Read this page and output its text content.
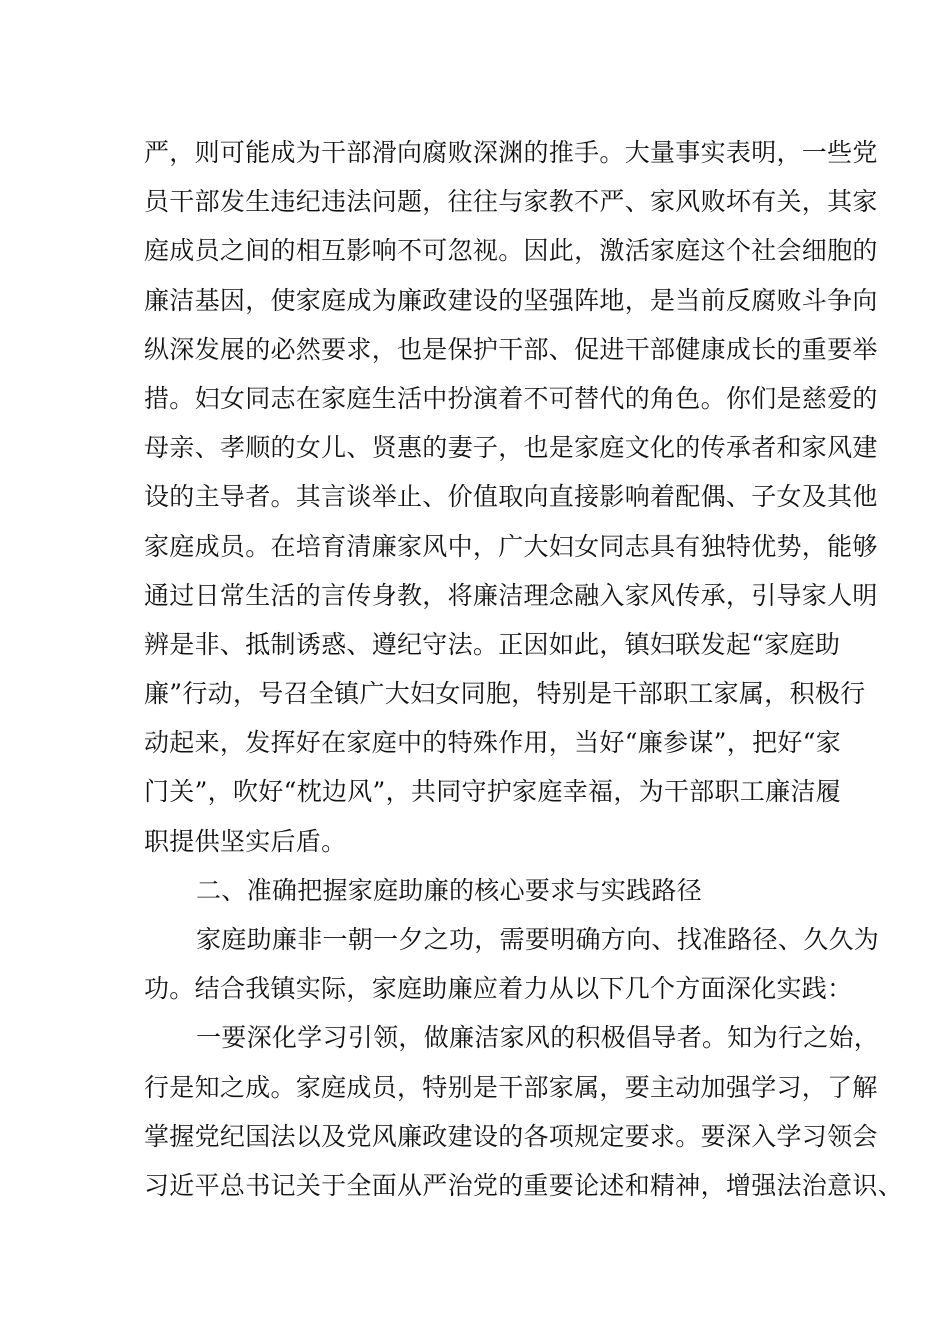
严，则可能成为干部滑向腐败深渊的推手。大量事实表明，一些党
员干部发生违纪违法问题，往往与家教不严、家风败坏有关，其家
庭成员之间的相互影响不可忽视。因此，激活家庭这个社会细胞的
廉洁基因，使家庭成为廉政建设的坚强阵地，是当前反腐败斗争向
纵深发展的必然要求，也是保护干部、促进干部健康成长的重要举
措。妇女同志在家庭生活中扮演着不可替代的角色。你们是慈爱的
母亲、孝顺的女儿、贤惠的妻子，也是家庭文化的传承者和家风建
设的主导者。其言谈举止、价值取向直接影响着配偶、子女及其他
家庭成员。在培育清廉家风中，广大妇女同志具有独特优势，能够
通过日常生活的言传身教，将廉洁理念融入家风传承，引导家人明
辨是非、抵制诱惑、遵纪守法。正因如此，镇妇联发起“家庭助
廉”行动，号召全镇广大妇女同胞，特别是干部职工家属，积极行
动起来，发挥好在家庭中的特殊作用，当好“廉参谋”，把好“家
门关”，吹好“枕边风”，共同守护家庭幸福，为干部职工廉洁履
职提供坚实后盾。
二、准确把握家庭助廉的核心要求与实践路径
家庭助廉非一朝一夕之功，需要明确方向、找准路径、久久为
功。结合我镇实际，家庭助廉应着力从以下几个方面深化实践：
一要深化学习引领，做廉洁家风的积极倡导者。知为行之始，
行是知之成。家庭成员，特别是干部家属，要主动加强学习，了解
掌握党纪国法以及党风廉政建设的各项规定要求。要深入学习领会
习近平总书记关于全面从严治党的重要论述和精神，增强法治意识、
